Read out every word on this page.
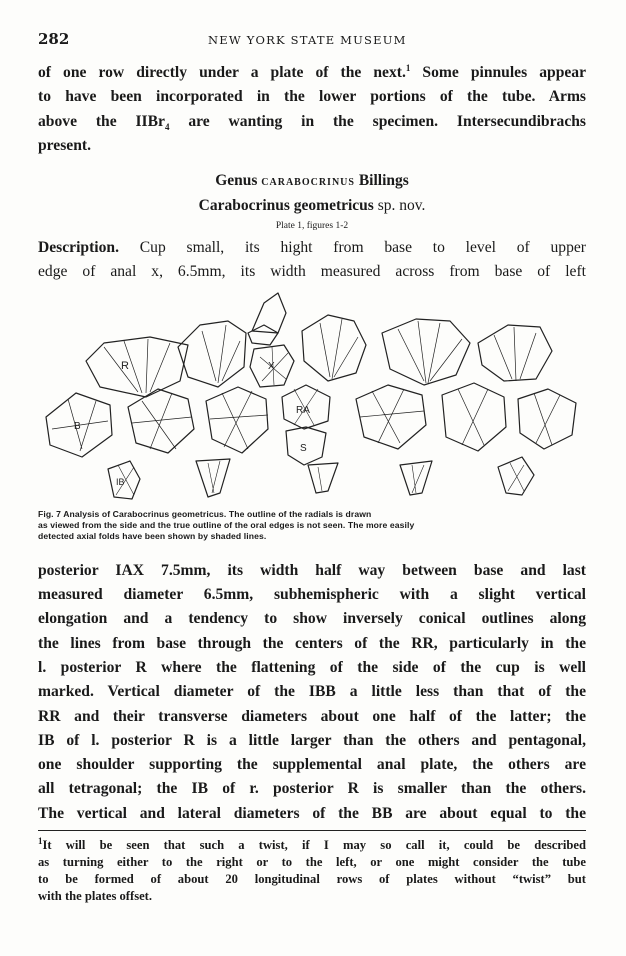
282	NEW YORK STATE MUSEUM

of one row directly under a plate of the next.$^1$ Some pinnules appear
to have been incorporated in the lower portions of the tube. Arms
above the IIBr$_4$ are wanting in the specimen. Intersecundibrachs
present.

Genus CARABOCRINUS Billings
Carabocrinus geometricus sp. nov.
Plate 1, figures 1-2

Description. Cup small, its hight from base to level of upper
edge of anal x, 6.5mm, its width measured across from base of left

R	X
B
RA
S
IB
Fig. 7 Analysis of Carabocrinus geometricus. The outline of the radials is drawn
as viewed from the side and the true outline of the oral edges is not seen. The more easily
detected axial folds have been shown by shaded lines.

posterior IAX 7.5mm, its width half way between base and last
measured diameter 6.5mm, subhemispheric with a slight vertical
elongation and a tendency to show inversely conical outlines along
the lines from base through the centers of the RR, particularly in the
l. posterior R where the flattening of the side of the cup is well
marked. Vertical diameter of the IBB a little less than that of the
RR and their transverse diameters about one half of the latter; the
IB of l. posterior R is a little larger than the others and pentagonal,
one shoulder supporting the supplemental anal plate, the others are
all tetragonal; the IB of r. posterior R is smaller than the others.
The vertical and lateral diameters of the BB are about equal to the

$^1$It will be seen that such a twist, if I may so call it, could be described
as turning either to the right or to the left, or one might consider the tube
to be formed of about 20 longitudinal rows of plates without “twist” but
with the plates offset.
